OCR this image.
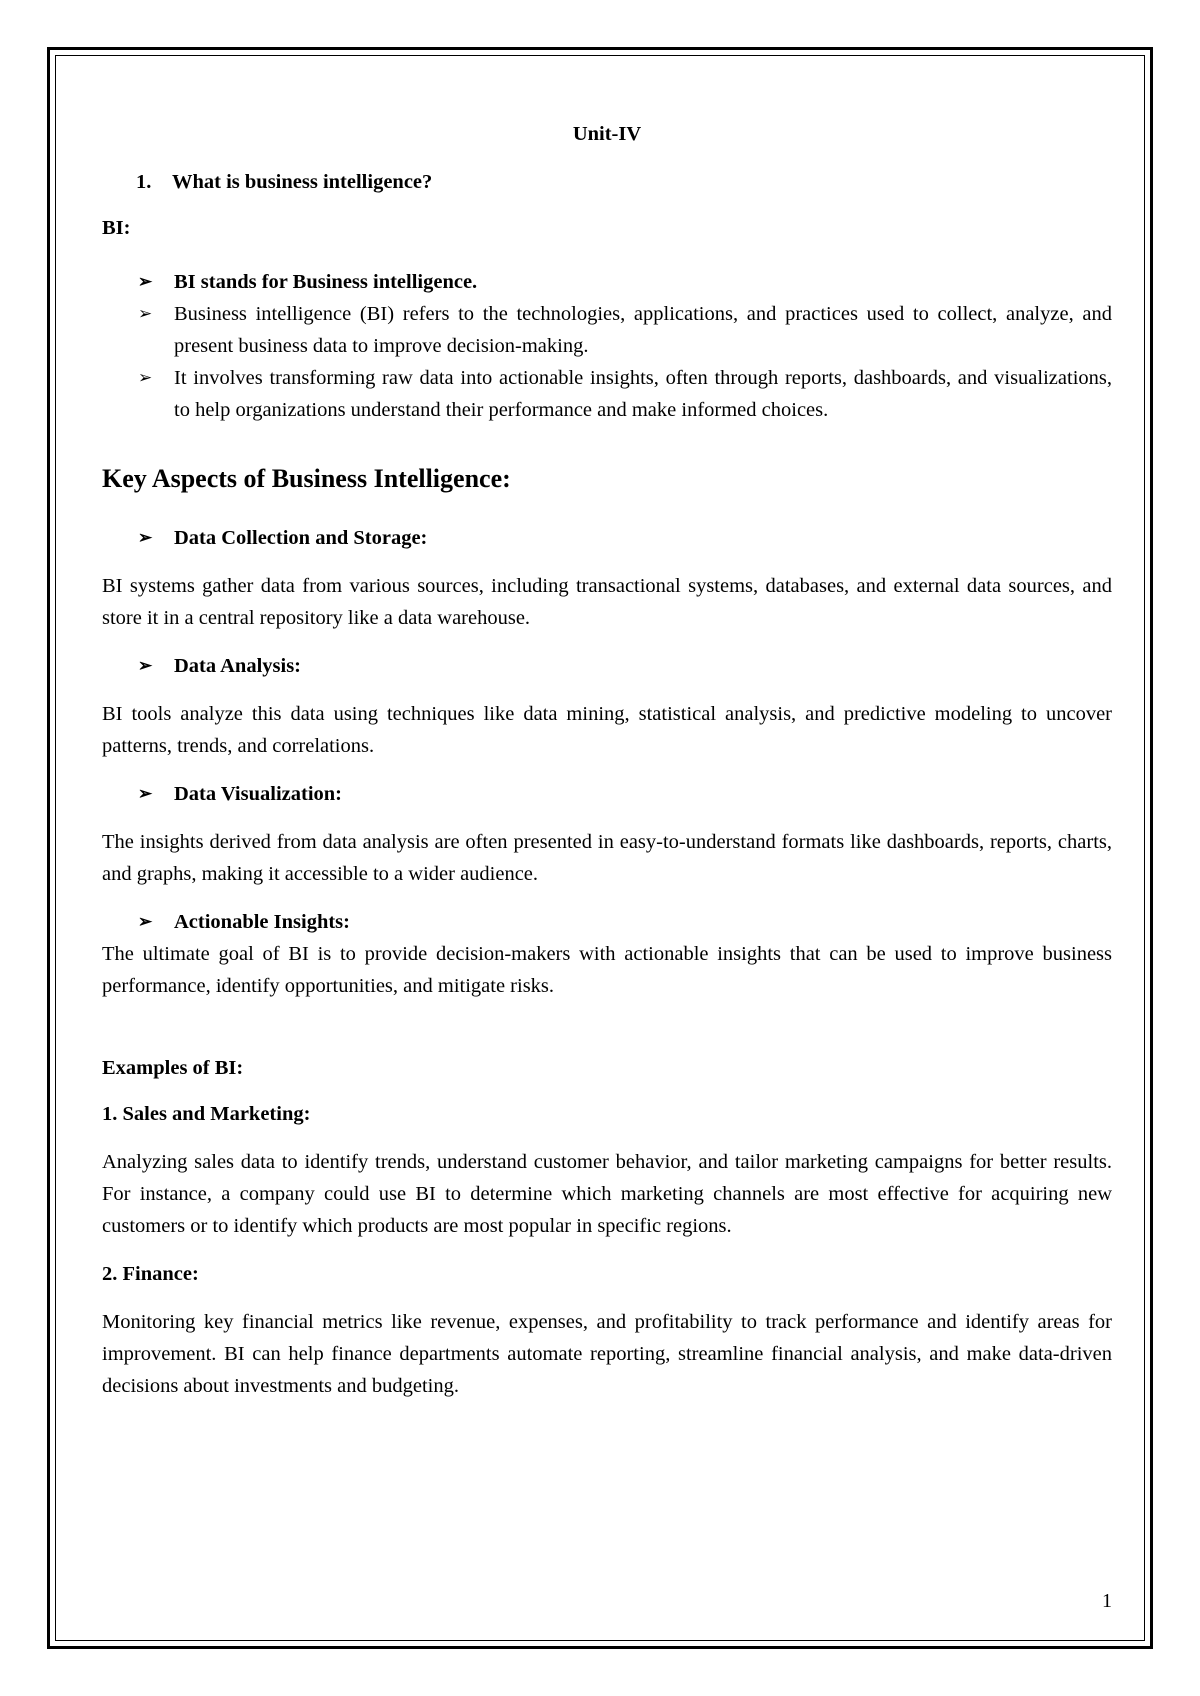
Unit-IV
1. What is business intelligence?
BI:
➢ BI stands for Business intelligence.
➢ Business intelligence (BI) refers to the technologies, applications, and practices used to collect, analyze, and present business data to improve decision-making.
➢ It involves transforming raw data into actionable insights, often through reports, dashboards, and visualizations, to help organizations understand their performance and make informed choices.
Key Aspects of Business Intelligence:
➢ Data Collection and Storage:

BI systems gather data from various sources, including transactional systems, databases, and external data sources, and store it in a central repository like a data warehouse.

➢ Data Analysis:

BI tools analyze this data using techniques like data mining, statistical analysis, and predictive modeling to uncover patterns, trends, and correlations.

➢ Data Visualization:

The insights derived from data analysis are often presented in easy-to-understand formats like dashboards, reports, charts, and graphs, making it accessible to a wider audience.

➢ Actionable Insights:

The ultimate goal of BI is to provide decision-makers with actionable insights that can be used to improve business performance, identify opportunities, and mitigate risks.

Examples of BI:
1. Sales and Marketing:

Analyzing sales data to identify trends, understand customer behavior, and tailor marketing campaigns for better results. For instance, a company could use BI to determine which marketing channels are most effective for acquiring new customers or to identify which products are most popular in specific regions.

2. Finance:

Monitoring key financial metrics like revenue, expenses, and profitability to track performance and identify areas for improvement. BI can help finance departments automate reporting, streamline financial analysis, and make data-driven decisions about investments and budgeting.

1
